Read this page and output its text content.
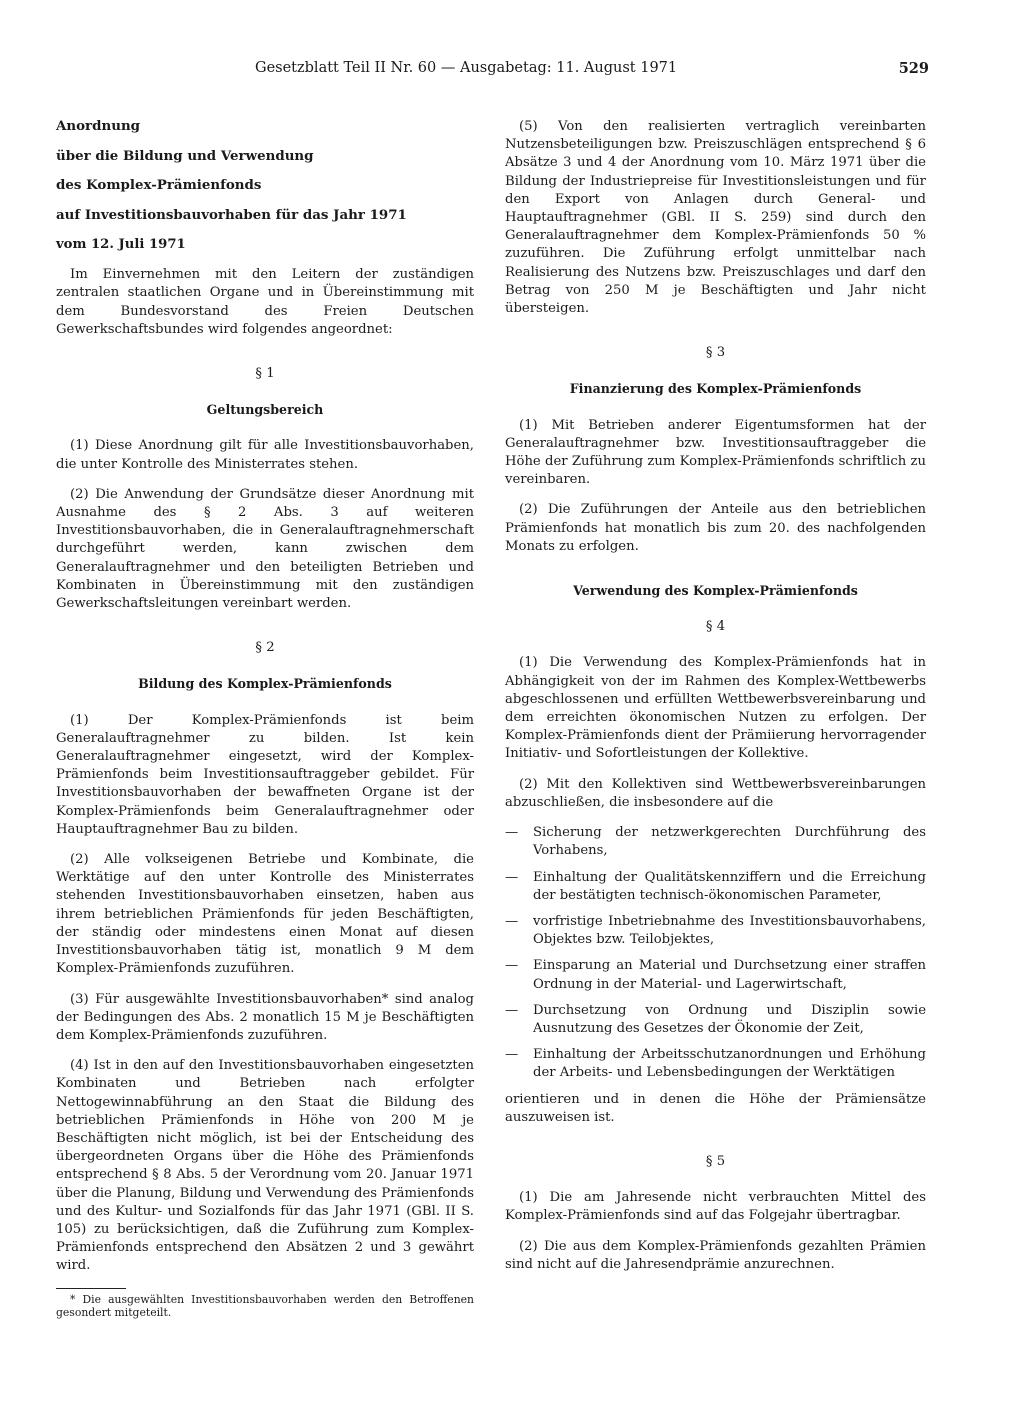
Gesetzblatt Teil II Nr. 60 — Ausgabetag: 11. August 1971	529

Anordnung

über die Bildung und Verwendung

des Komplex-Prämienfonds

auf Investitionsbauvorhaben für das Jahr 1971

vom 12. Juli 1971

Im Einvernehmen mit den Leitern der zuständigen zentralen staatlichen Organe und in Übereinstimmung mit dem Bundesvorstand des Freien Deutschen Gewerkschaftsbundes wird folgendes angeordnet:

§ 1
Geltungsbereich

(1) Diese Anordnung gilt für alle Investitionsbauvorhaben, die unter Kontrolle des Ministerrates stehen.

(2) Die Anwendung der Grundsätze dieser Anordnung mit Ausnahme des § 2 Abs. 3 auf weiteren Investitionsbauvorhaben, die in Generalauftragnehmerschaft durchgeführt werden, kann zwischen dem Generalauftragnehmer und den beteiligten Betrieben und Kombinaten in Übereinstimmung mit den zuständigen Gewerkschaftsleitungen vereinbart werden.

§ 2
Bildung des Komplex-Prämienfonds

(1) Der Komplex-Prämienfonds ist beim Generalauftragnehmer zu bilden. Ist kein Generalauftragnehmer eingesetzt, wird der Komplex-Prämienfonds beim Investitionsauftraggeber gebildet. Für Investitionsbauvorhaben der bewaffneten Organe ist der Komplex-Prämienfonds beim Generalauftragnehmer oder Hauptauftragnehmer Bau zu bilden.

(2) Alle volkseigenen Betriebe und Kombinate, die Werktätige auf den unter Kontrolle des Ministerrates stehenden Investitionsbauvorhaben einsetzen, haben aus ihrem betrieblichen Prämienfonds für jeden Beschäftigten, der ständig oder mindestens einen Monat auf diesen Investitionsbauvorhaben tätig ist, monatlich 9 M dem Komplex-Prämienfonds zuzuführen.

(3) Für ausgewählte Investitionsbauvorhaben* sind analog der Bedingungen des Abs. 2 monatlich 15 M je Beschäftigten dem Komplex-Prämienfonds zuzuführen.

(4) Ist in den auf den Investitionsbauvorhaben eingesetzten Kombinaten und Betrieben nach erfolgter Nettogewinnabführung an den Staat die Bildung des betrieblichen Prämienfonds in Höhe von 200 M je Beschäftigten nicht möglich, ist bei der Entscheidung des übergeordneten Organs über die Höhe des Prämienfonds entsprechend § 8 Abs. 5 der Verordnung vom 20. Januar 1971 über die Planung, Bildung und Verwendung des Prämienfonds und des Kultur- und Sozialfonds für das Jahr 1971 (GBl. II S. 105) zu berücksichtigen, daß die Zuführung zum Komplex-Prämienfonds entsprechend den Absätzen 2 und 3 gewährt wird.

* Die ausgewählten Investitionsbauvorhaben werden den Betroffenen gesondert mitgeteilt.

(5) Von den realisierten vertraglich vereinbarten Nutzensbeteiligungen bzw. Preiszuschlägen entsprechend § 6 Absätze 3 und 4 der Anordnung vom 10. März 1971 über die Bildung der Industriepreise für Investitionsleistungen und für den Export von Anlagen durch General- und Hauptauftragnehmer (GBl. II S. 259) sind durch den Generalauftragnehmer dem Komplex-Prämienfonds 50 % zuzuführen. Die Zuführung erfolgt unmittelbar nach Realisierung des Nutzens bzw. Preiszuschlages und darf den Betrag von 250 M je Beschäftigten und Jahr nicht übersteigen.

§ 3
Finanzierung des Komplex-Prämienfonds

(1) Mit Betrieben anderer Eigentumsformen hat der Generalauftragnehmer bzw. Investitionsauftraggeber die Höhe der Zuführung zum Komplex-Prämienfonds schriftlich zu vereinbaren.

(2) Die Zuführungen der Anteile aus den betrieblichen Prämienfonds hat monatlich bis zum 20. des nachfolgenden Monats zu erfolgen.

Verwendung des Komplex-Prämienfonds
§ 4

(1) Die Verwendung des Komplex-Prämienfonds hat in Abhängigkeit von der im Rahmen des Komplex-Wettbewerbs abgeschlossenen und erfüllten Wettbewerbsvereinbarung und dem erreichten ökonomischen Nutzen zu erfolgen. Der Komplex-Prämienfonds dient der Prämiierung hervorragender Initiativ- und Sofortleistungen der Kollektive.

(2) Mit den Kollektiven sind Wettbewerbsvereinbarungen abzuschließen, die insbesondere auf die

— Sicherung der netzwerkgerechten Durchführung des Vorhabens,
— Einhaltung der Qualitätskennziffern und die Erreichung der bestätigten technisch-ökonomischen Parameter,
— vorfristige Inbetriebnahme des Investitionsbauvorhabens, Objektes bzw. Teilobjektes,
— Einsparung an Material und Durchsetzung einer straffen Ordnung in der Material- und Lagerwirtschaft,
— Durchsetzung von Ordnung und Disziplin sowie Ausnutzung des Gesetzes der Ökonomie der Zeit,
— Einhaltung der Arbeitsschutzanordnungen und Erhöhung der Arbeits- und Lebensbedingungen der Werktätigen

orientieren und in denen die Höhe der Prämiensätze auszuweisen ist.

§ 5

(1) Die am Jahresende nicht verbrauchten Mittel des Komplex-Prämienfonds sind auf das Folgejahr übertragbar.

(2) Die aus dem Komplex-Prämienfonds gezahlten Prämien sind nicht auf die Jahresendprämie anzurechnen.
